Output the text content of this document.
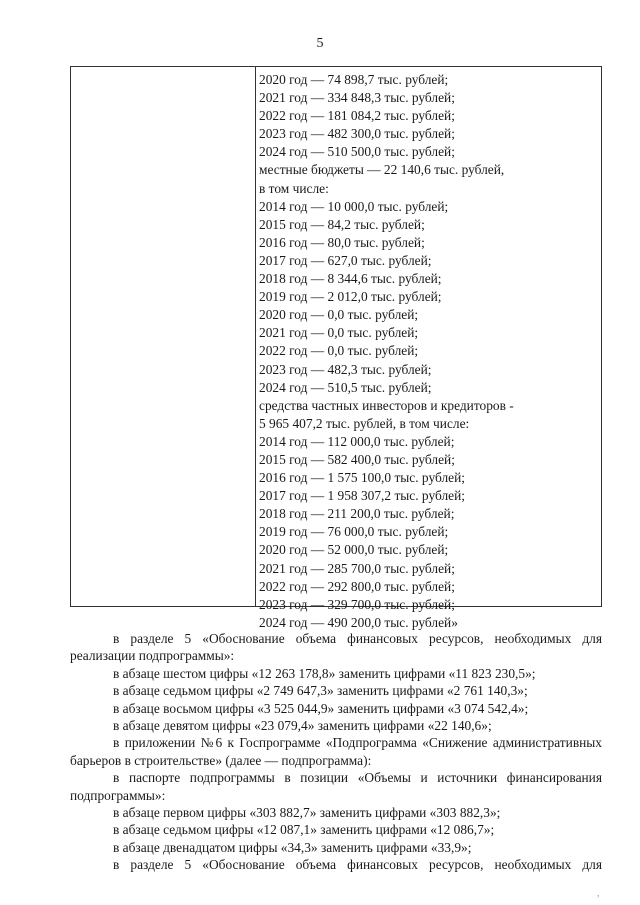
5
2020 год — 74 898,7 тыс. рублей;
2021 год — 334 848,3 тыс. рублей;
2022 год — 181 084,2 тыс. рублей;
2023 год — 482 300,0 тыс. рублей;
2024 год — 510 500,0 тыс. рублей;
местные бюджеты — 22 140,6 тыс. рублей,
в том числе:
2014 год — 10 000,0 тыс. рублей;
2015 год — 84,2 тыс. рублей;
2016 год — 80,0 тыс. рублей;
2017 год — 627,0 тыс. рублей;
2018 год — 8 344,6 тыс. рублей;
2019 год — 2 012,0 тыс. рублей;
2020 год — 0,0 тыс. рублей;
2021 год — 0,0 тыс. рублей;
2022 год — 0,0 тыс. рублей;
2023 год — 482,3 тыс. рублей;
2024 год — 510,5 тыс. рублей;
средства частных инвесторов и кредиторов -
5 965 407,2 тыс. рублей, в том числе:
2014 год — 112 000,0 тыс. рублей;
2015 год — 582 400,0 тыс. рублей;
2016 год — 1 575 100,0 тыс. рублей;
2017 год — 1 958 307,2 тыс. рублей;
2018 год — 211 200,0 тыс. рублей;
2019 год — 76 000,0 тыс. рублей;
2020 год — 52 000,0 тыс. рублей;
2021 год — 285 700,0 тыс. рублей;
2022 год — 292 800,0 тыс. рублей;
2023 год — 329 700,0 тыс. рублей;
2024 год — 490 200,0 тыс. рублей»
в разделе 5 «Обоснование объема финансовых ресурсов, необходимых для реализации подпрограммы»:
в абзаце шестом цифры «12 263 178,8» заменить цифрами «11 823 230,5»;
в абзаце седьмом цифры «2 749 647,3» заменить цифрами «2 761 140,3»;
в абзаце восьмом цифры «3 525 044,9» заменить цифрами «3 074 542,4»;
в абзаце девятом цифры «23 079,4» заменить цифрами «22 140,6»;
в приложении №6 к Госпрограмме «Подпрограмма «Снижение административных барьеров в строительстве» (далее — подпрограмма):
в паспорте подпрограммы в позиции «Объемы и источники финансирования подпрограммы»:
в абзаце первом цифры «303 882,7» заменить цифрами «303 882,3»;
в абзаце седьмом цифры «12 087,1» заменить цифрами «12 086,7»;
в абзаце двенадцатом цифры «34,3» заменить цифрами «33,9»;
в разделе 5 «Обоснование объема финансовых ресурсов, необходимых для
,
